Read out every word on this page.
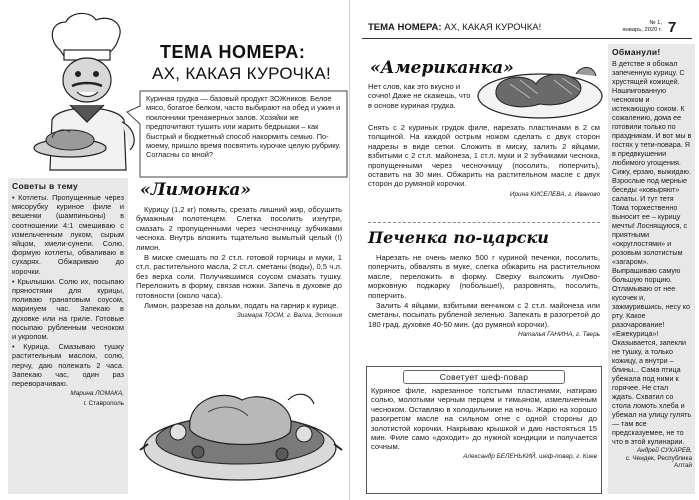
ТЕМА НОМЕРА:
АХ, КАКАЯ КУРОЧКА!
Куриная грудка — базовый продукт ЗОЖников. Белое мясо, богатое белком, часто выбирают на обед и ужин и поклонники тренажерных залов. Хозяйки же предпочитают тушить или жарить бедрышки – как быстрый и бюджетный способ накормить семью. По-моему, пришло время посвятить курочке целую рубрику. Согласны со мной?
Советы в тему
• Котлеты. Пропущенные через мясорубку куриное филе и вешенки (шампиньоны) в соотношении 4:1 смешиваю с измельченным луком, сырым яйцом, хмели-сунели. Солю, формую котлеты, обваливаю в сухарях. Обжариваю до корочки.
• Крылышки. Солю их, посыпаю пряностями для курицы, поливаю гранатовым соусом, маринуем час. Запекаю в духовке или на гриле. Готовые посыпаю рубленным чесноком и укропом.
• Курица. Смазываю тушку растительным маслом, солю, перчу, даю полежать 2 часа. Запекаю час, один раз переворачиваю.
Марина ЛОМАКА,
г. Ставрополь
«Лимонка»

Курицу (1,2 кг) помыть, срезать лишний жир, обсушить бумажным полотенцем. Слегка посолить изнутри, смазать 2 пропущенными через чесночницу зубчиками чеснока. Внутрь вложить тщательно вымытый целый (!) лимон.

В миске смешать по 2 ст.л. готовой горчицы и муки, 1 ст.л. растительного масла, 2 ст.л. сметаны (воды), 0,5 ч.л. без верха соли. Получившимся соусом смазать тушку. Переложить в форму, связав ножки. Запечь в духовке до готовности (около часа).

Лимон, разрезав на дольки, подать на гарнир к курице.

Зигмара ТООМ, г. Валга, Эстония
ТЕМА НОМЕРА: АХ, КАКАЯ КУРОЧКА!	№ 1,
январь, 2020 г. 7
«Американка»
Нет слов, как это вкусно и сочно! Даже не скажешь, что в основе куриная грудка.
Снять с 2 куриных грудок филе, нарезать пластинами в 2 см толщиной. На каждой острым ножом сделать с двух сторон надрезы в виде сетки. Сложить в миску, залить 2 яйцами, взбитыми с 2 ст.л. майонеза, 1 ст.л. муки и 2 зубчиками чеснока, пропущенными через чесночницу (посолить, поперчить), оставить на 30 мин. Обжарить на растительном масле с двух сторон до румяной корочки.
Ирина КИСЕЛЕВА, г. Иваново
Печенка по-царски

Нарезать не очень мелко 500 г куриной печенки, посолить, поперчить, обвалять в муке, слегка обжарить на растительном масле, переложить в форму. Сверху выложить лукОво-морковную поджарку (побольше!), разровнять, посолить, поперчить.

Залить 4 яйцами, взбитыми венчиком с 2 ст.л. майонеза или сметаны, посыпать рубленой зеленью. Запекать в разогретой до 180 град. духовке 40-50 мин. (до румяной корочки).

Наталья ГАНИНА, г. Тверь
Советует шеф-повар
Куриное филе, нарезанное толстыми пластинами, натираю солью, молотыми черным перцем и тимьяном, измельченным чесноком. Оставляю в холодильнике на ночь. Жарю на хорошо разогретом масле на сильном огне с одной стороны до золотистой корочки. Накрываю крышкой и даю настояться 15 мин. Филе само «доходит» до нужной кондиции и получается сочным.
Александр БЕЛЕНЬКИЙ, шеф-повар, г. Киев
Обманули!
В детстве я обожал запеченную курицу. С хрустящей кожицей. Нашпигованную чесноком и истекающую соком. К сожалению, дома ее готовили только по праздникам. И вот мы в гостях у тети-повара. Я в предвкушении любимого угощения. Сижу, ерзаю, выжидаю. Взрослые под мерные беседы «ковыряют» салаты. И тут тетя Тома торжественно выносит ее – курицу мечты! Лоснящуюся, с приятными «округлостями» и розовым золотистым «загаром». Выпрашиваю самую большую порцию. Отламываю от нее кусочек и, зажмурившись, несу ко рту. Какое разочарование! «Ежекурица»! Оказывается, запекли не тушку, а только кожицу, а внутри – блины... Сама птица убежала под ними к горячее. Не стал ждать. Схватил со стола ломоть хлеба и убежал на улицу гулять — там все предсказуемее, не то что в этой кулинарии.
Андрей СУХАРЕВ,
с. Чендек, Республика Алтай
